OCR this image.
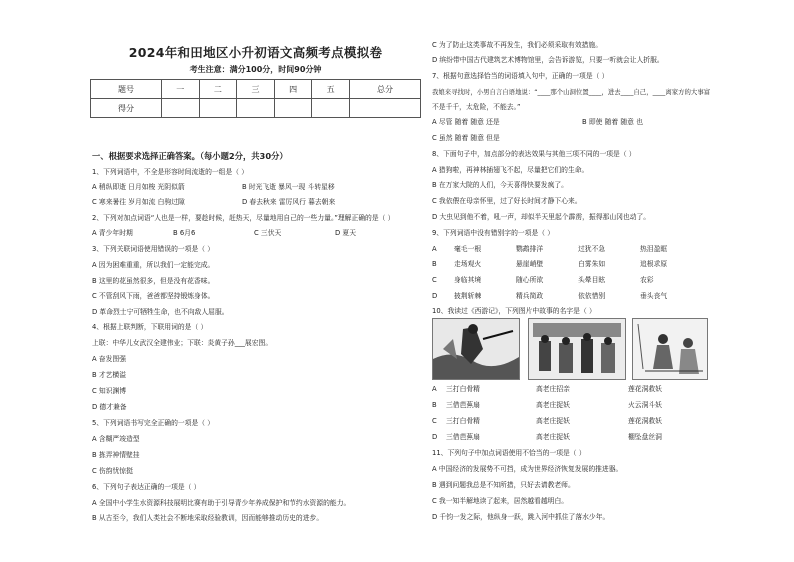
2024年和田地区小升初语文高频考点模拟卷
考生注意：满分100分，时间90分钟
题号	一	二	三	四	五	总分
得分						
一、根据要求选择正确答案。（每小题2分，共30分）
1、下列词语中，不全是形容时间流逝的一组是（ ）
A 稍纵即逝 日月如梭 光阴似箭	B 时光飞逝 暴风一现 斗转星移
C 寒来暑往 岁月如流 白驹过隙	D 春去秋来 雷厉风行 暮去朝来
2、下列对加点词语“人也是一样，要趁时候，赶热天，尽量地用自己的一些力量。”理解正确的是（ ）
A 青少年时期	B 6月6	C 三伏天	D 夏天
3、下列关联词语使用错误的一项是（ ）
A 因为困难重重，所以我们一定能完成。
B 这里的花虽然很多，但是没有花香味。
C 不管刮风下雨，爸爸都坚持锻炼身体。
D 革命烈士宁可牺牲生命，也不向敌人屈服。
4、根据上联判断，下联用词的是（ ）
上联：中华儿女武汉全建伟业；下联：炎黄子孙___展宏图。
A 奋发图强
B 才艺横溢
C 知识渊博
D 德才兼备
5、下列词语书写完全正确的一项是（ ）
A 含糊严竣造型
B 拣弄神情壁挂
C 伤韵忧惊挺
6、下列句子表达正确的一项是（ ）
A 全国中小学生水资源科技展明比赛有助于引导青少年养成保护和节约水资源的能力。
B 从古至今，我们人类社会不断地采取经验教训，因而能够推动历史的进步。
C 为了防止这类事故不再发生，我们必须采取有效措施。
D 缤纷带中国古代建筑艺术博物馆里，会告诉游览，只要一听就会让人折服。
7、根据句意选择恰当的词语填入句中，正确的一项是（ ）
我娘来寻找时，小男自言自语地说：“____那个山洞位置____，进去____自己，____离家方的大事富
不是千千，太危险，不能去。”
A 尽管 随着 随意 还是	B 即使 随着 随意 也
C 虽然 随着 随意 但是
8、下面句子中，加点部分的表达效果与其他三项不同的一项是（ ）
A 猎狗啦，再神林插翅飞不起，尽量把它们的生命。
B 在万家大院的人们，今天喜得快要发疯了。
C 我依偎在母亲怀里，过了好长时间才静下心来。
D 大虫见到他不着，吼一声，却似半天里起个霹雳，振得那山冈也动了。
9、下列词语中没有错别字的一项是（ ）
A	毫毛一根	鹦鹉排洋	过犹不急	热泪盈眶
B	走场观火	悬崖峭壁	白雾朱如	追根求原
C	身临其境	随心所欲	头晕目眩	农彩
D 披荆斩棘	精兵简政	依依惜别	垂头丧气
10、我读过《西游记》，下列图片中故事的名字是（ ）
A 三打白骨精	高老庄招亲	莲花洞救妖
B 三借芭蕉扇	高老庄捉妖	火云洞斗妖
C 三打白骨精	高老庄捉妖	莲花洞救妖
D 三借芭蕉扇	高老庄捉妖	棚坠盘丝洞
11、下列句子中加点词语使用不恰当的一项是（ ）
A 中国经济的发展势不可挡，成为世界经济恢复发展的推进器。
B 遇到问题我总是不知所措，只好去请教老师。
C 我一知半解地读了起来，居然越看越明白。
D 千钧一发之际，他纵身一跃，跳入河中抓住了落水少年。
